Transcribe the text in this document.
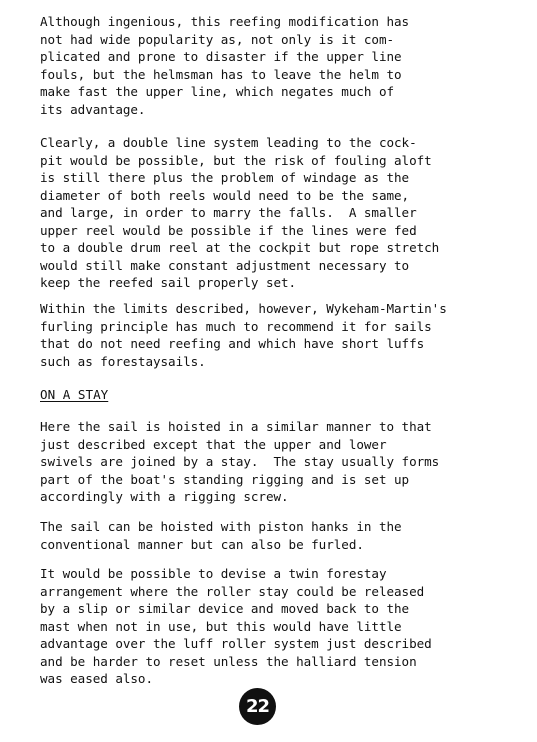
Although ingenious, this reefing modification has
not had wide popularity as, not only is it com-
plicated and prone to disaster if the upper line
fouls, but the helmsman has to leave the helm to
make fast the upper line, which negates much of
its advantage.
Clearly, a double line system leading to the cock-
pit would be possible, but the risk of fouling aloft
is still there plus the problem of windage as the
diameter of both reels would need to be the same,
and large, in order to marry the falls.  A smaller
upper reel would be possible if the lines were fed
to a double drum reel at the cockpit but rope stretch
would still make constant adjustment necessary to
keep the reefed sail properly set.
Within the limits described, however, Wykeham-Martin's
furling principle has much to recommend it for sails
that do not need reefing and which have short luffs
such as forestaysails.
ON A STAY
Here the sail is hoisted in a similar manner to that
just described except that the upper and lower
swivels are joined by a stay.  The stay usually forms
part of the boat's standing rigging and is set up
accordingly with a rigging screw.
The sail can be hoisted with piston hanks in the
conventional manner but can also be furled.
It would be possible to devise a twin forestay
arrangement where the roller stay could be released
by a slip or similar device and moved back to the
mast when not in use, but this would have little
advantage over the luff roller system just described
and be harder to reset unless the halliard tension
was eased also.
22
